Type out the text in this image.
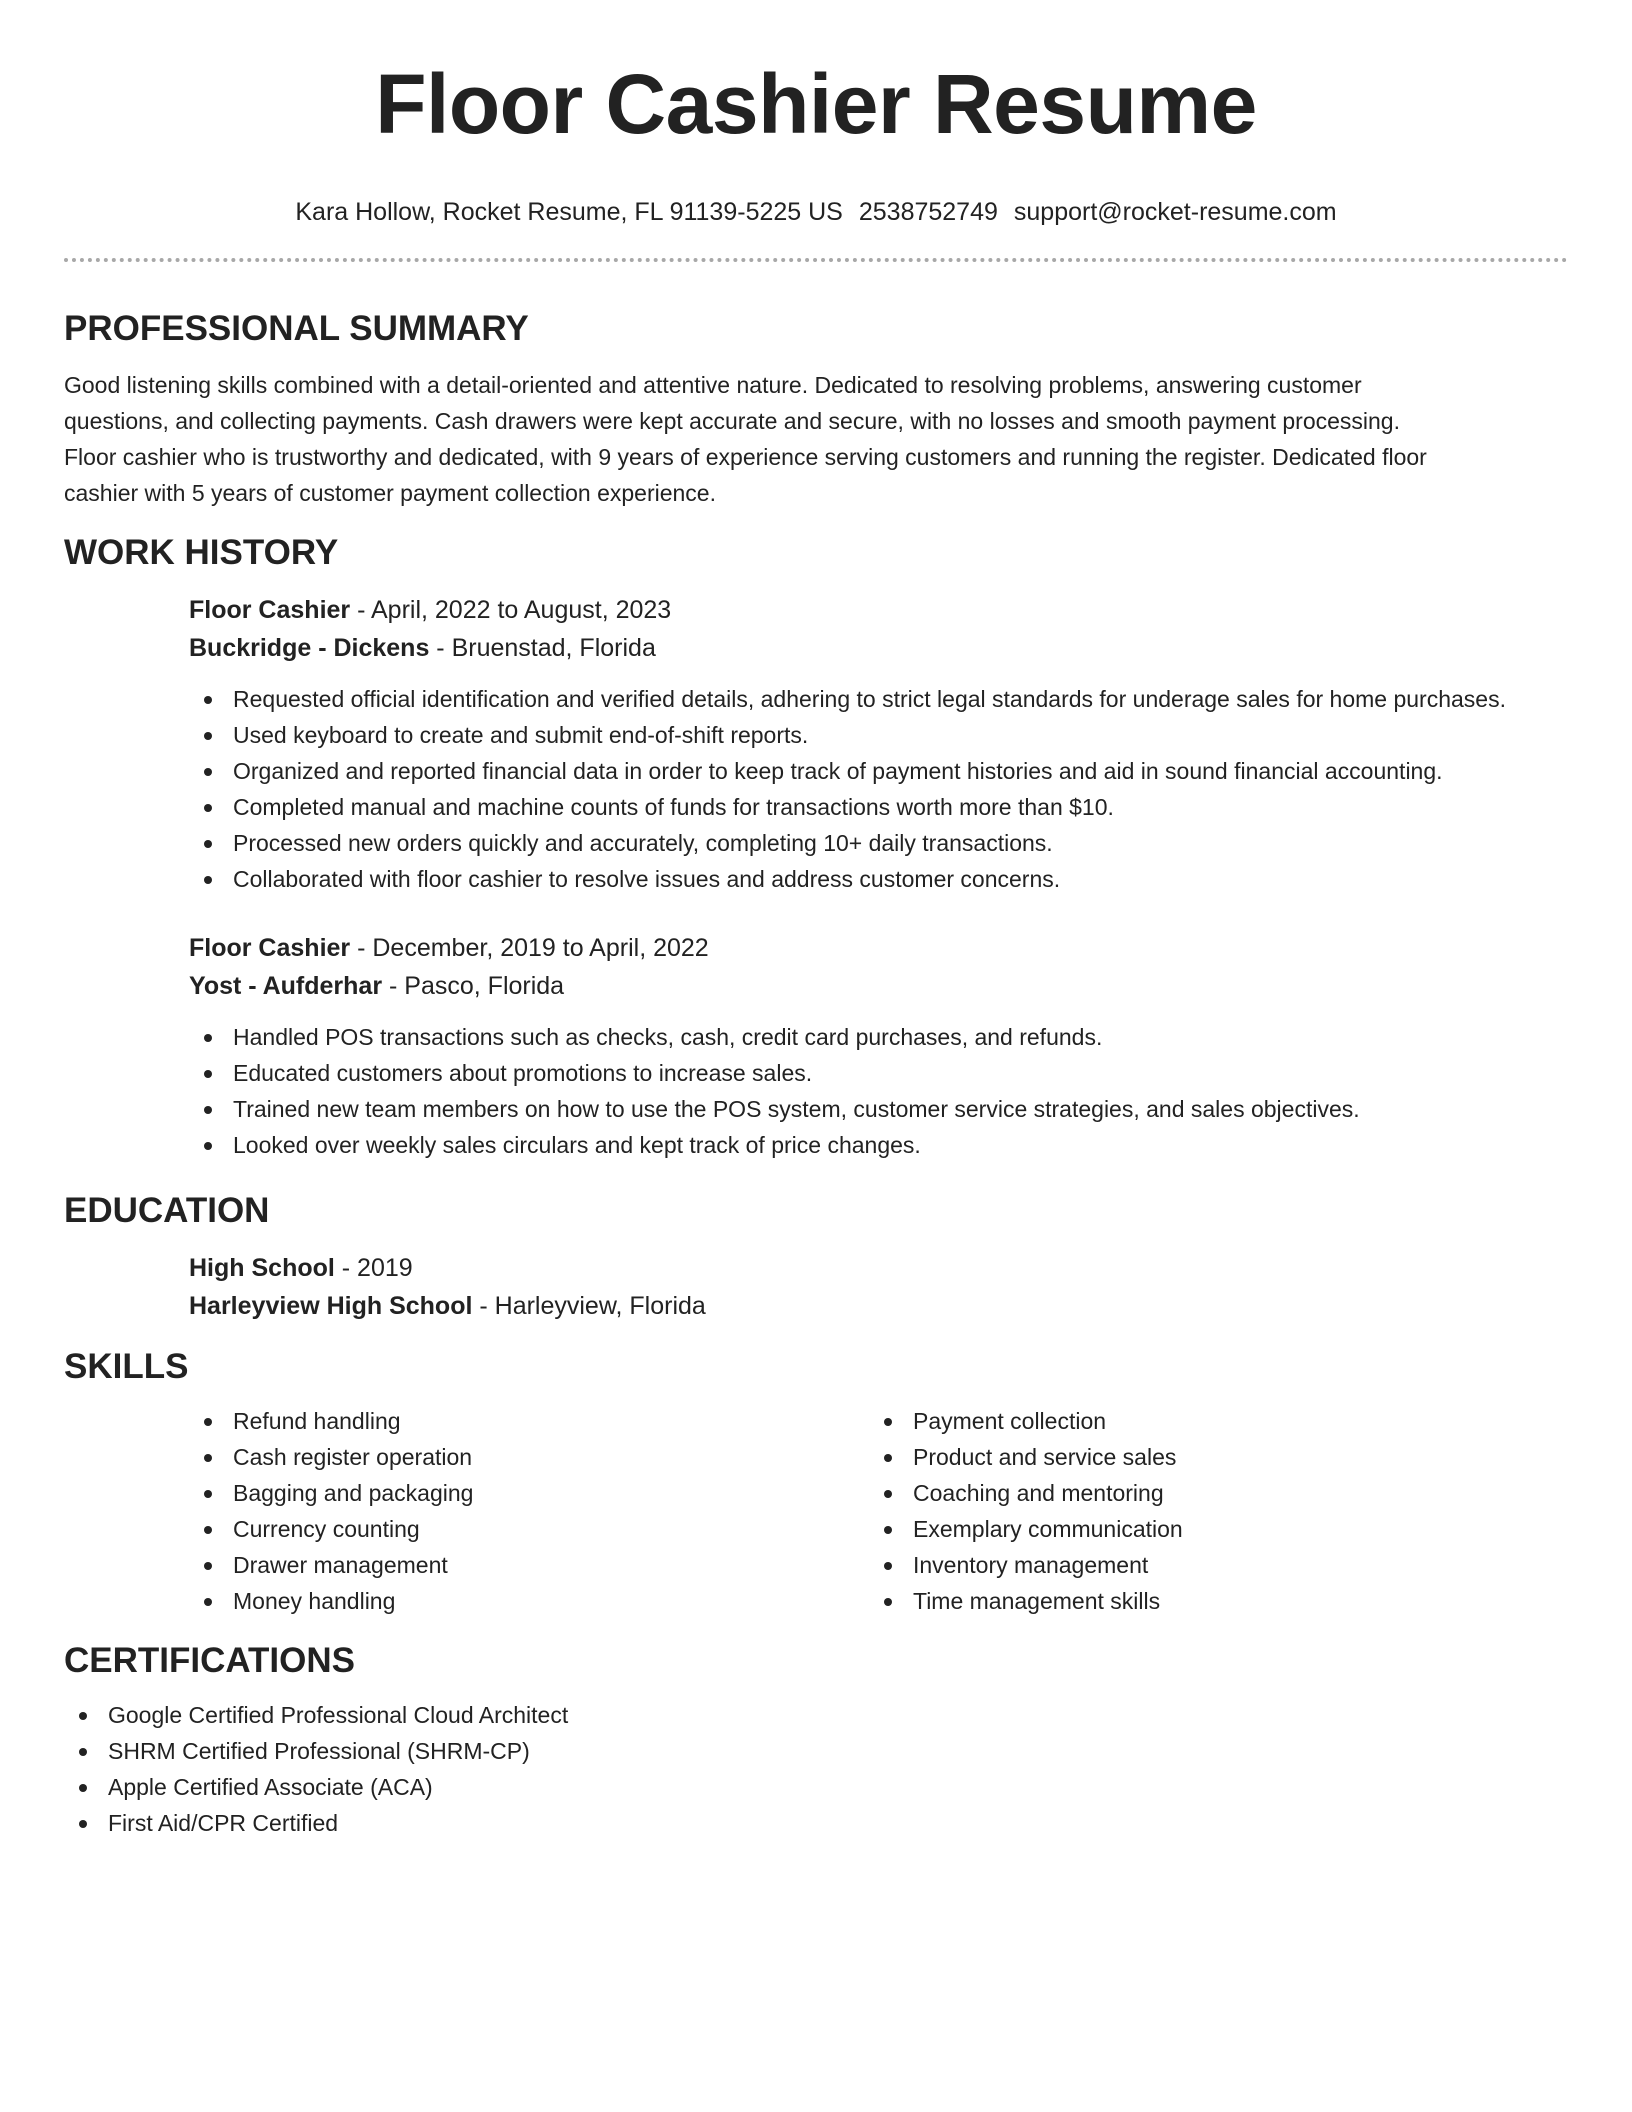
Floor Cashier Resume
Kara Hollow, Rocket Resume, FL 91139-5225 US 2538752749 support@rocket-resume.com
PROFESSIONAL SUMMARY

Good listening skills combined with a detail-oriented and attentive nature. Dedicated to resolving problems, answering customer questions, and collecting payments. Cash drawers were kept accurate and secure, with no losses and smooth payment processing. Floor cashier who is trustworthy and dedicated, with 9 years of experience serving customers and running the register. Dedicated floor cashier with 5 years of customer payment collection experience.

WORK HISTORY

Floor Cashier - April, 2022 to August, 2023

Buckridge - Dickens - Bruenstad, Florida

Requested official identification and verified details, adhering to strict legal standards for underage sales for home purchases.
Used keyboard to create and submit end-of-shift reports.
Organized and reported financial data in order to keep track of payment histories and aid in sound financial accounting.
Completed manual and machine counts of funds for transactions worth more than $10.
Processed new orders quickly and accurately, completing 10+ daily transactions.
Collaborated with floor cashier to resolve issues and address customer concerns.

Floor Cashier - December, 2019 to April, 2022

Yost - Aufderhar - Pasco, Florida

Handled POS transactions such as checks, cash, credit card purchases, and refunds.
Educated customers about promotions to increase sales.
Trained new team members on how to use the POS system, customer service strategies, and sales objectives.
Looked over weekly sales circulars and kept track of price changes.
EDUCATION

High School - 2019

Harleyview High School - Harleyview, Florida

SKILLS
Refund handling
Cash register operation
Bagging and packaging
Currency counting
Drawer management
Money handling
Payment collection
Product and service sales
Coaching and mentoring
Exemplary communication
Inventory management
Time management skills
CERTIFICATIONS
Google Certified Professional Cloud Architect
SHRM Certified Professional (SHRM-CP)
Apple Certified Associate (ACA)
First Aid/CPR Certified
